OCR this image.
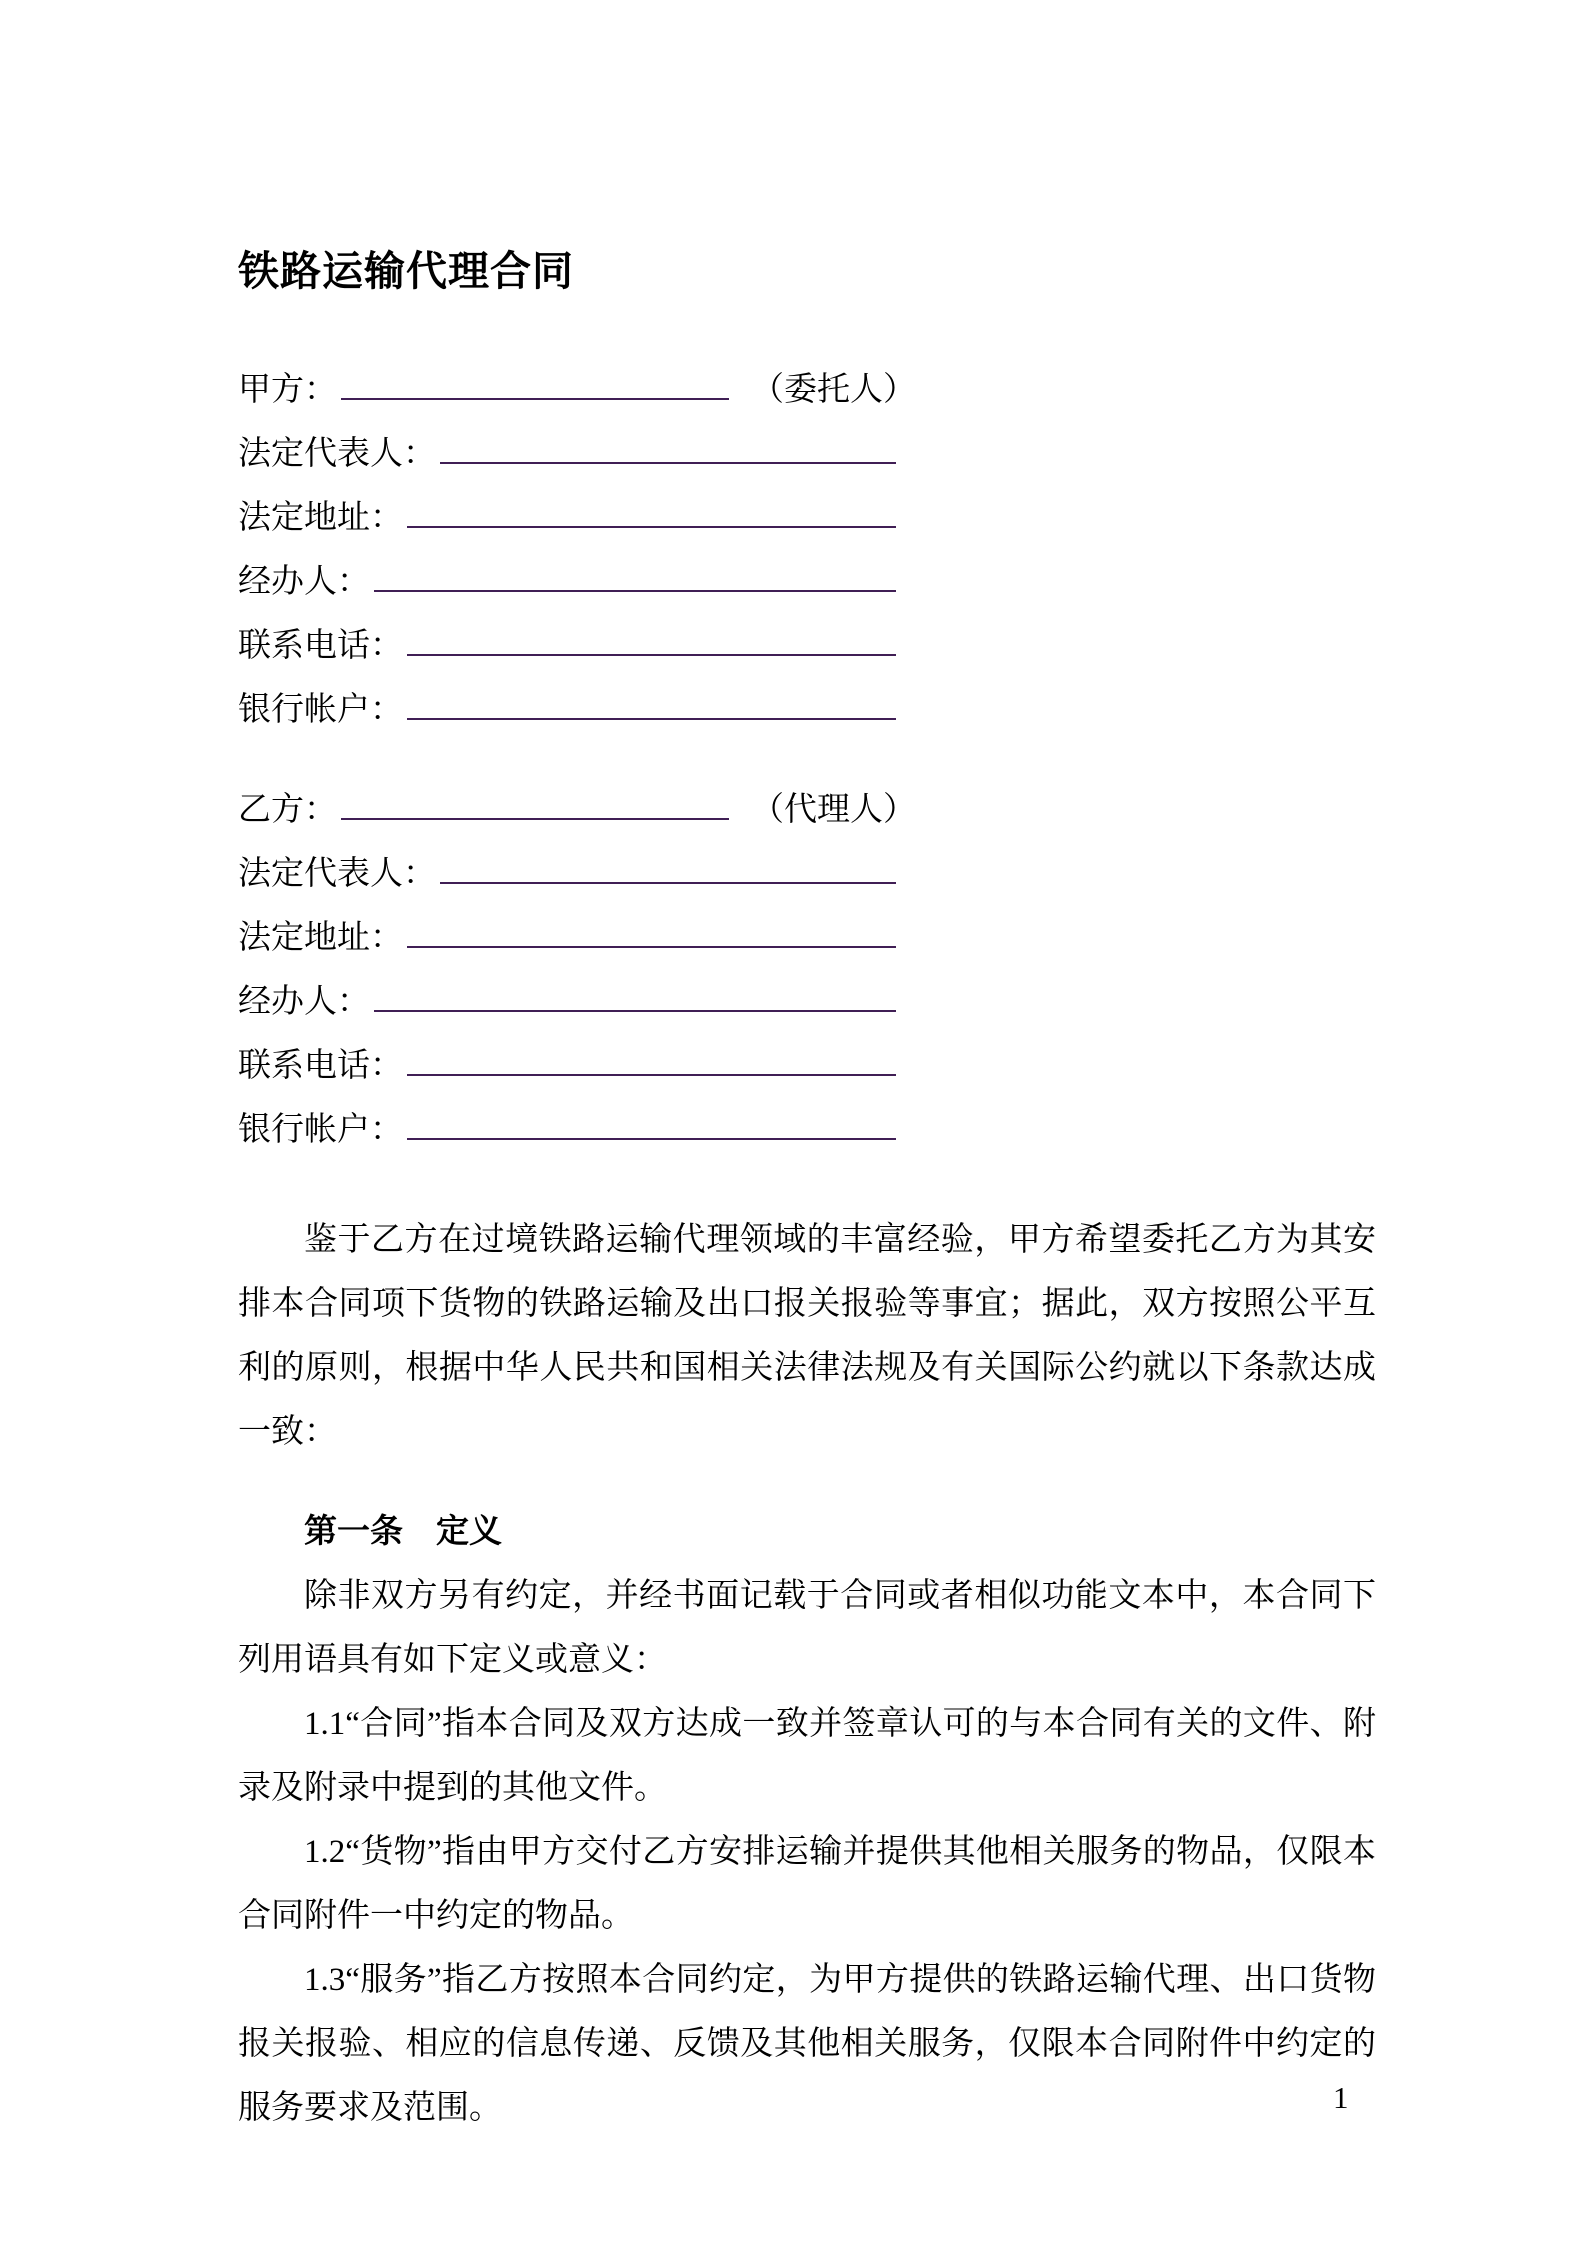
铁路运输代理合同
甲方：	（委托人）
法定代表人：
法定地址：
经办人：
联系电话：
银行帐户：
乙方：	（代理人）
法定代表人：
法定地址：
经办人：
联系电话：
银行帐户：

鉴于乙方在过境铁路运输代理领域的丰富经验，甲方希望委托乙方为其安排本合同项下货物的铁路运输及出口报关报验等事宜；据此，双方按照公平互利的原则，根据中华人民共和国相关法律法规及有关国际公约就以下条款达成一致：

第一条　定义

除非双方另有约定，并经书面记载于合同或者相似功能文本中，本合同下列用语具有如下定义或意义：

1.1“合同”指本合同及双方达成一致并签章认可的与本合同有关的文件、附录及附录中提到的其他文件。

1.2“货物”指由甲方交付乙方安排运输并提供其他相关服务的物品，仅限本合同附件一中约定的物品。

1.3“服务”指乙方按照本合同约定，为甲方提供的铁路运输代理、出口货物报关报验、相应的信息传递、反馈及其他相关服务，仅限本合同附件中约定的服务要求及范围。	1
